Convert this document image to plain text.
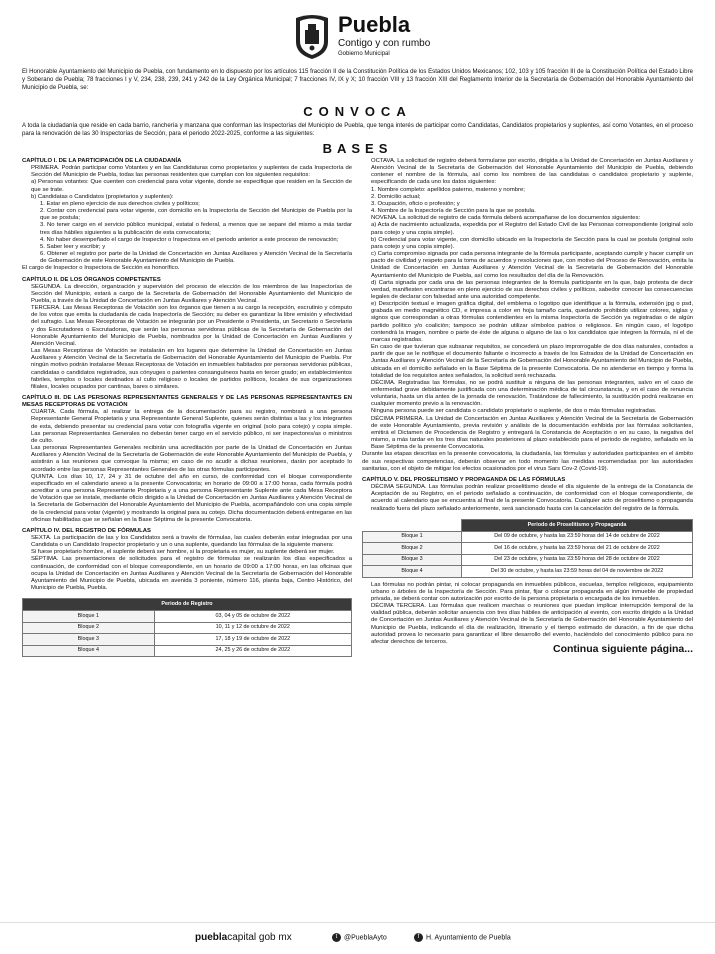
Puebla
Contigo y con rumbo
Gobierno Municipal
El Honorable Ayuntamiento del Municipio de Puebla, con fundamento en lo dispuesto por los artículos 115 fracción II de la Constitución Política de los Estados Unidos Mexicanos; 102, 103 y 105 fracción III de la Constitución Política del Estado Libre y Soberano de Puebla; 78 fracciones I y V, 234, 238, 239, 241 y 242 de la Ley Orgánica Municipal; 7 fracciones IV, IX y X; 10 fracción VIII y 13 fracción XIII del Reglamento Interior de la Secretaría de Gobernación del Honorable Ayuntamiento del Municipio de Puebla, se:
CONVOCA
A toda la ciudadanía que reside en cada barrio, ranchería y manzana que conforman las Inspectorías del Municipio de Puebla, que tenga interés de participar como Candidatas, Candidatos propietarios y suplentes, así como Votantes, en el proceso para la renovación de las 30 Inspectorías de Sección, para el periodo 2022-2025, conforme a las siguientes:
BASES

CAPÍTULO I. DE LA PARTICIPACIÓN DE LA CIUDADANÍA

PRIMERA. Podrán participar como Votantes y en las Candidaturas como propietarios y suplentes de cada Inspectoría de Sección del Municipio de Puebla, todas las personas residentes que cumplan con los siguientes requisitos:

a) Personas votantes: Que cuenten con credencial para votar vigente, donde se especifique que residen en la Sección de que se trate.

b) Candidatas o Candidatos (propietarios y suplentes):

1. Estar en pleno ejercicio de sus derechos civiles y políticos;

2. Contar con credencial para votar vigente, con domicilio en la Inspectoría de Sección del Municipio de Puebla por la que se postula;

3. No tener cargo en el servicio público municipal, estatal o federal, a menos que se separe del mismo a más tardar tres días hábiles siguientes a la publicación de esta convocatoria;

4. No haber desempeñado el cargo de Inspector o Inspectora en el periodo anterior a este proceso de renovación;

5. Saber leer y escribir; y

6. Obtener el registro por parte de la Unidad de Concertación en Juntas Auxiliares y Atención Vecinal de la Secretaría de Gobernación de este Honorable Ayuntamiento del Municipio de Puebla.

El cargo de Inspector o Inspectora de Sección es honorífico.

CAPÍTULO II. DE LOS ÓRGANOS COMPETENTES

SEGUNDA. La dirección, organización y supervisión del proceso de elección de los miembros de las Inspectorías de Sección del Municipio, estará a cargo de la Secretaría de Gobernación del Honorable Ayuntamiento del Municipio de Puebla, a través de la Unidad de Concertación en Juntas Auxiliares y Atención Vecinal.

TERCERA. Las Mesas Receptoras de Votación son los órganos que tienen a su cargo la recepción, escrutinio y cómputo de los votos que emita la ciudadanía de cada Inspectoría de Sección; su deber es garantizar la libre emisión y efectividad del sufragio. Las Mesas Receptoras de Votación se integrarán por un Presidente o Presidenta, un Secretario o Secretaria y dos Escrutadores o Escrutadoras, que serán las personas servidoras públicas de la Secretaría de Gobernación del Honorable Ayuntamiento del Municipio de Puebla, nombrados por la Unidad de Concertación en Juntas Auxiliares y Atención Vecinal.

Las Mesas Receptoras de Votación se instalarán en los lugares que determine la Unidad de Concertación en Juntas Auxiliares y Atención Vecinal de la Secretaría de Gobernación del Honorable Ayuntamiento del Municipio de Puebla. Por ningún motivo podrán instalarse Mesas Receptoras de Votación en inmuebles habitados por personas servidoras públicas, candidatas o candidatos registrados, sus cónyuges o parientes consanguíneos hasta en tercer grado; en establecimientos fabriles, templos o locales destinados al culto religioso o locales de partidos políticos, locales de sus organizaciones filiales, locales ocupados por cantinas, bares o similares.

CAPÍTULO III. DE LAS PERSONAS REPRESENTANTES GENERALES Y DE LAS PERSONAS REPRESENTANTES EN MESAS RECEPTORAS DE VOTACIÓN

CUARTA. Cada fórmula, al realizar la entrega de la documentación para su registro, nombrará a una persona Representante General Propietaria y una Representante General Suplente, quienes serán distintas a las y los integrantes de esta, debiendo presentar su credencial para votar con fotografía vigente en original (solo para cotejo) y copia simple. Las personas Representantes Generales no deberán tener cargo en el servicio público, ni ser inspectores/as o ministros de culto.

Las personas Representantes Generales recibirán una acreditación por parte de la Unidad de Concertación en Juntas Auxiliares y Atención Vecinal de la Secretaría de Gobernación de este Honorable Ayuntamiento del Municipio de Puebla, y asistirán a las reuniones que convoque la misma; en caso de no acudir a dichas reuniones, darán por aceptado lo acordado entre las personas Representantes Generales de las otras fórmulas participantes.

QUINTA. Los días 10, 17, 24 y 31 de octubre del año en curso, de conformidad con el bloque correspondiente especificado en el calendario anexo a la presente Convocatoria; en horario de 09:00 a 17:00 horas, cada fórmula podrá acreditar a una persona Representante Propietaria y a una persona Representante Suplente ante cada Mesa Receptora de Votación que se instale, mediante oficio dirigido a la Unidad de Concertación en Juntas Auxiliares y Atención Vecinal de la Secretaría de Gobernación del Honorable Ayuntamiento del Municipio de Puebla, acompañándolo con una copia simple de la credencial para votar (vigente) y mostrando la original para su cotejo. Dicha documentación deberá entregarse en las oficinas habilitadas que se señalan en la Base Séptima de la presente Convocatoria.

CAPÍTULO IV. DEL REGISTRO DE FÓRMULAS

SEXTA. La participación de las y los Candidatos será a través de fórmulas, las cuales deberán estar integradas por una Candidata o un Candidato Inspector propietario y un o una suplente, quedando las fórmulas de la siguiente manera:

Si fuese propietario hombre, el suplente deberá ser hombre, si la propietaria es mujer, su suplente deberá ser mujer.

SÉPTIMA. Las presentaciones de solicitudes para el registro de fórmulas se realizarán los días especificados a continuación, de conformidad con el bloque correspondiente, en un horario de 09:00 a 17:00 horas, en las oficinas que ocupa la Unidad de Concertación en Juntas Auxiliares y Atención Vecinal de la Secretaría de Gobernación del Honorable Ayuntamiento del Municipio de Puebla, ubicada en avenida 3 poniente, número 116, planta baja, Centro Histórico, del Municipio de Puebla, Puebla.

Periodo de Registro	
Bloque 1	03, 04 y 05 de octubre de 2022
Bloque 2	10, 11 y 12 de octubre de 2022
Bloque 3	17, 18 y 19 de octubre de 2022
Bloque 4	24, 25 y 26 de octubre de 2022

OCTAVA. La solicitud de registro deberá formularse por escrito, dirigida a la Unidad de Concertación en Juntas Auxiliares y Atención Vecinal de la Secretaría de Gobernación del Honorable Ayuntamiento del Municipio de Puebla, debiendo contener el nombre de la fórmula, así como los nombres de las candidatas o candidatos propietario y suplente, especificando de cada uno los datos siguientes:

1. Nombre completo: apellidos paterno, materno y nombre;

2. Domicilio actual;

3. Ocupación, oficio o profesión; y

4. Nombre de la Inspectoría de Sección para la que se postula.

NOVENA. La solicitud de registro de cada fórmula deberá acompañarse de los documentos siguientes:

a) Acta de nacimiento actualizada, expedida por el Registro del Estado Civil de las Personas correspondiente (original solo para cotejo y una copia simple).

b) Credencial para votar vigente, con domicilio ubicado en la Inspectoría de Sección para la cual se postula (original solo para cotejo y una copia simple).

c) Carta compromiso signada por cada persona integrante de la fórmula participante, aceptando cumplir y hacer cumplir un pacto de civilidad y respeto para la toma de acuerdos y resoluciones que, con motivo del Proceso de Renovación, emita la Unidad de Concertación en Juntas Auxiliares y Atención Vecinal de la Secretaría de Gobernación del Honorable Ayuntamiento del Municipio de Puebla, así como los resultados del día de la Renovación.

d) Carta signada por cada una de las personas integrantes de la fórmula participante en la que, bajo protesta de decir verdad, manifiesten encontrarse en pleno ejercicio de sus derechos civiles y políticos, sabedor conocer las consecuencias legales de declarar con falsedad ante una autoridad competente.

e) Descripción textual e imagen gráfica digital, del emblema o logotipo que identifique a la fórmula, extensión jpg o psd, grabada en medio magnético CD, e impresa a color en hoja tamaño carta, quedando prohibido utilizar colores, siglas y signos que correspondan a otras fórmulas contendientes en la misma Inspectoría de Sección ya registradas o de algún partido político y/o coalición; tampoco se podrán utilizar símbolos patrios o religiosos. En ningún caso, el logotipo contendrá la imagen, nombre o parte de éste de alguna o alguno de las o los candidatos que integren la fórmula, ni el de marcas registradas.

En caso de que tuvieran que subsanar requisitos, se concederá un plazo improrrogable de dos días naturales, contados a partir de que se le notifique el documento faltante o incorrecto a través de los Estrados de la Unidad de Concertación en Juntas Auxiliares y Atención Vecinal de la Secretaría de Gobernación del Honorable Ayuntamiento del Municipio de Puebla, ubicada en el domicilio señalado en la Base Séptima de la presente Convocatoria. De no atenderse en tiempo y forma la totalidad de los requisitos antes señalados, la solicitud será rechazada.

DÉCIMA. Registradas las fórmulas, no se podrá sustituir a ninguna de las personas integrantes, salvo en el caso de enfermedad grave debidamente justificada con una determinación médica de tal circunstancia, y en el caso de renuncia voluntaria, hasta un día antes de la jornada de renovación. Tratándose de fallecimiento, la sustitución podrá realizarse en cualquier momento previo a la renovación.

Ninguna persona puede ser candidata o candidato propietario o suplente, de dos o más fórmulas registradas.

DÉCIMA PRIMERA. La Unidad de Concertación en Juntas Auxiliares y Atención Vecinal de la Secretaría de Gobernación de este Honorable Ayuntamiento, previa revisión y análisis de la documentación exhibida por las fórmulas solicitantes, emitirá el Dictamen de Procedencia de Registro y entregará la Constancia de Aceptación o en su caso, la negativa del mismo, a más tardar en los tres días naturales posteriores al plazo establecido para el periodo de registro, señalado en la Base Séptima de la presente Convocatoria.

Durante las etapas descritas en la presente convocatoria, la ciudadanía, las fórmulas y autoridades participantes en el ámbito de sus respectivas competencias, deberán observar en todo momento las medidas recomendadas por las autoridades sanitarias, con el objeto de mitigar los efectos ocasionados por el virus Sars Cov-2 (Covid-19).

CAPÍTULO V. DEL PROSELITISMO Y PROPAGANDA DE LAS FÓRMULAS

DÉCIMA SEGUNDA. Las fórmulas podrán realizar proselitismo desde el día siguiente de la entrega de la Constancia de Aceptación de su Registro, en el periodo señalado a continuación, de conformidad con el bloque correspondiente, de acuerdo al calendario que se encuentra al final de la presente Convocatoria. Cualquier acto de proselitismo o propaganda realizado fuera del plazo señalado anteriormente, será sancionado hasta con la cancelación del registro de la fórmula.

	Periodo de Proselitismo y Propaganda
Bloque 1	Del 09 de octubre, y hasta las 23:59 horas del 14 de octubre de 2022
Bloque 2	Del 16 de octubre, y hasta las 23:59 horas del 21 de octubre de 2022
Bloque 3	Del 23 de octubre, y hasta las 23:59 horas del 28 de octubre de 2022
Bloque 4	Del 30 de octubre, y hasta las 23:59 horas del 04 de noviembre de 2022

Las fórmulas no podrán pintar, ni colocar propaganda en inmuebles públicos, escuelas, templos religiosos, equipamiento urbano o árboles de la Inspectoría de Sección. Para pintar, fijar o colocar propaganda en algún inmueble de propiedad privada, se deberá contar con autorización por escrito de la persona propietaria o encargada de los inmuebles.

DÉCIMA TERCERA. Las fórmulas que realicen marchas o reuniones que puedan implicar interrupción temporal de la vialidad pública, deberán solicitar anuencia con tres días hábiles de anticipación al evento, con escrito dirigido a la Unidad de Concertación en Juntas Auxiliares y Atención Vecinal de la Secretaría de Gobernación del Honorable Ayuntamiento del Municipio de Puebla, indicando el día de realización, itinerario y el tiempo estimado de duración, a fin de que dicha autoridad provea lo necesario para garantizar el libre desarrollo del evento, haciéndolo del conocimiento público para no afectar derechos de terceros.

Continua siguiente página...

pueblacapital gob mx	t @PueblaAyto	f H. Ayuntamiento de Puebla
